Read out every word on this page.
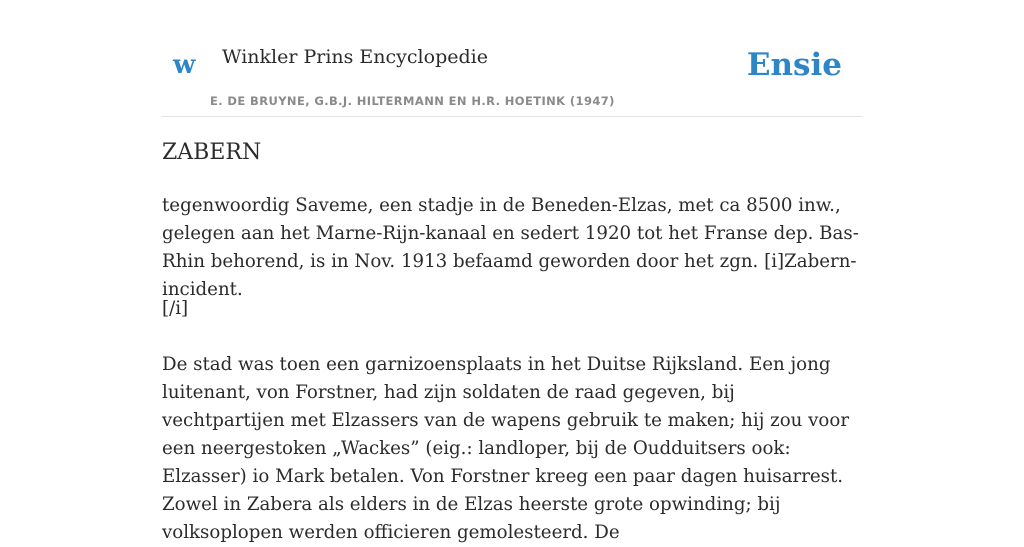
w Winkler Prins Encyclopedie
E. DE BRUYNE, G.B.J. HILTERMANN EN H.R. HOETINK (1947)
Ensie
ZABERN

tegenwoordig Saveme, een stadje in de Beneden-Elzas, met ca 8500 inw., gelegen aan het Marne-Rijn-kanaal en sedert 1920 tot het Franse dep. Bas-Rhin behorend, is in Nov. 1913 befaamd geworden door het zgn. [i]Zabern-incident.

[/i]

De stad was toen een garnizoensplaats in het Duitse Rijksland. Een jong luitenant, von Forstner, had zijn soldaten de raad gegeven, bij vechtpartijen met Elzassers van de wapens gebruik te maken; hij zou voor een neergestoken „Wackes” (eig.: landloper, bij de Oudduitsers ook: Elzasser) io Mark betalen. Von Forstner kreeg een paar dagen huisarrest. Zowel in Zabera als elders in de Elzas heerste grote opwinding; bij volksoplopen werden officieren gemolesteerd. De
